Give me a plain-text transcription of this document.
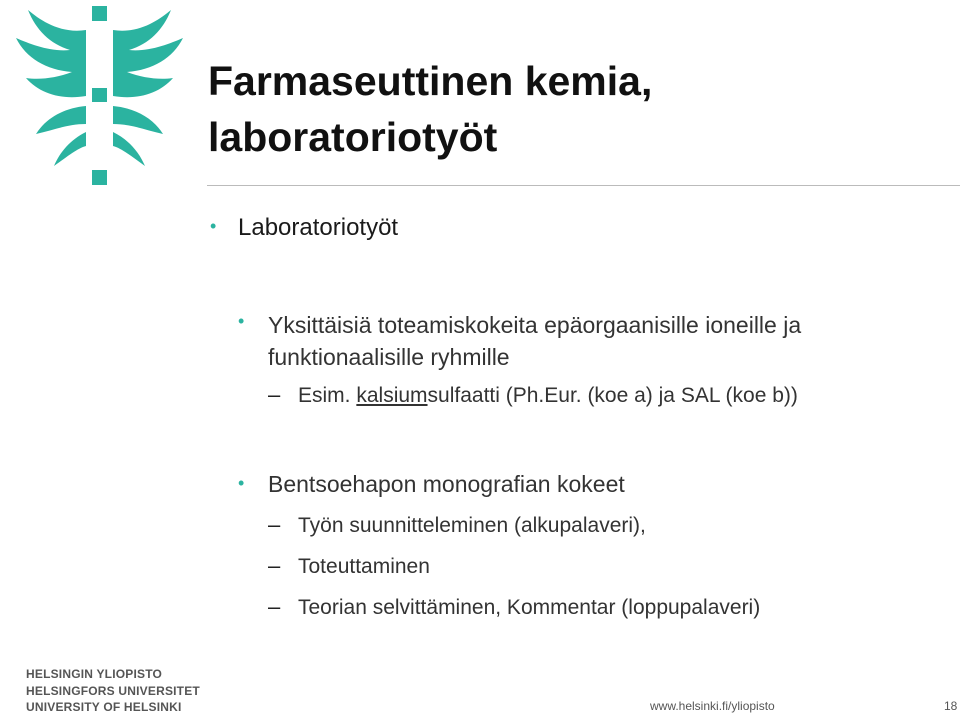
Farmaseuttinen kemia,
laboratoriotyöt
• Laboratoriotyöt
• Yksittäisiä toteamiskokeita epäorgaanisille ioneille ja
funktionaalisille ryhmille
– Esim. kalsiumsulfaatti (Ph.Eur. (koe a) ja SAL (koe b))
• Bentsoehapon monografian kokeet
– Työn suunnitteleminen (alkupalaveri),
– Toteuttaminen
– Teorian selvittäminen, Kommentar (loppupalaveri)
HELSINGIN YLIOPISTO
HELSINGFORS UNIVERSITET
UNIVERSITY OF HELSINKI	www.helsinki.fi/yliopisto	18
